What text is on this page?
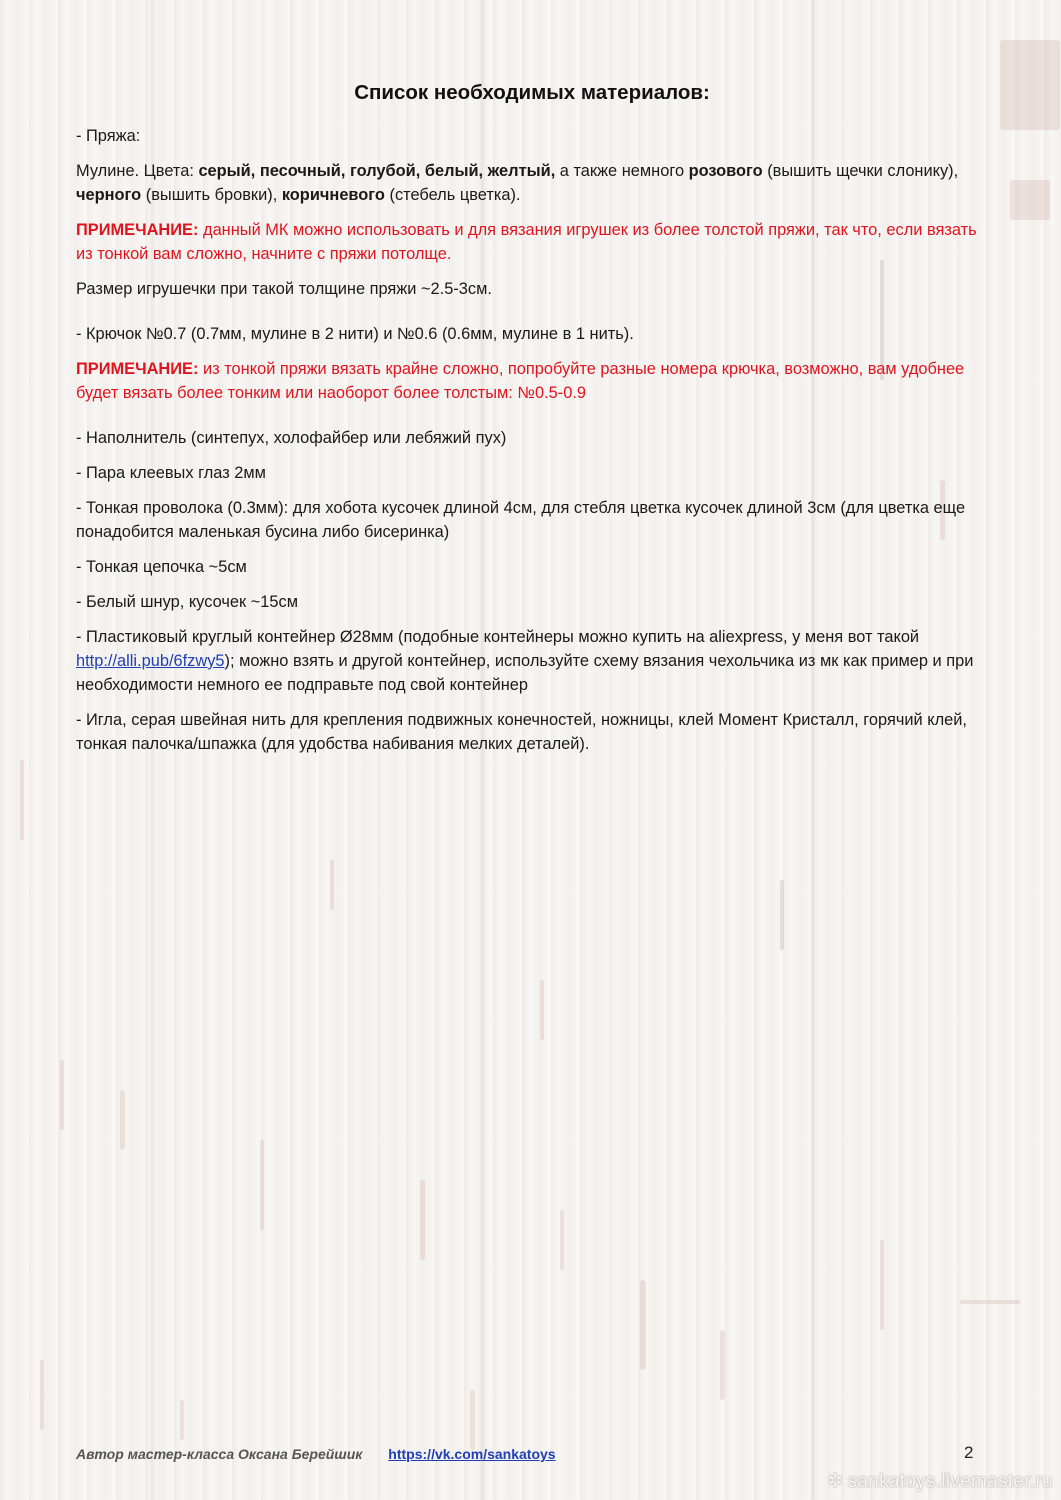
Список необходимых материалов:

- Пряжа:

Мулине. Цвета: серый, песочный, голубой, белый, желтый, а также немного розового (вышить щечки слонику), черного (вышить бровки), коричневого (стебель цветка).

ПРИМЕЧАНИЕ: данный МК можно использовать и для вязания игрушек из более толстой пряжи, так что, если вязать из тонкой вам сложно, начните с пряжи потолще.

Размер игрушечки при такой толщине пряжи ~2.5-3см.

- Крючок №0.7 (0.7мм, мулине в 2 нити) и №0.6 (0.6мм, мулине в 1 нить).

ПРИМЕЧАНИЕ: из тонкой пряжи вязать крайне сложно, попробуйте разные номера крючка, возможно, вам удобнее будет вязать более тонким или наоборот более толстым: №0.5-0.9

- Наполнитель (синтепух, холофайбер или лебяжий пух)

- Пара клеевых глаз 2мм

- Тонкая проволока (0.3мм): для хобота кусочек длиной 4см, для стебля цветка кусочек длиной 3см (для цветка еще понадобится маленькая бусина либо бисеринка)

- Тонкая цепочка ~5см

- Белый шнур, кусочек ~15см

- Пластиковый круглый контейнер Ø28мм (подобные контейнеры можно купить на aliexpress, у меня вот такой http://alli.pub/6fzwy5); можно взять и другой контейнер, используйте схему вязания чехольчика из мк как пример и при необходимости немного ее подправьте под свой контейнер

- Игла, серая швейная нить для крепления подвижных конечностей, ножницы, клей Момент Кристалл, горячий клей, тонкая палочка/шпажка (для удобства набивания мелких деталей).

Автор мастер-класса Оксана Берейшик https://vk.com/sankatoys	2
✲ sankatoys.livemaster.ru
